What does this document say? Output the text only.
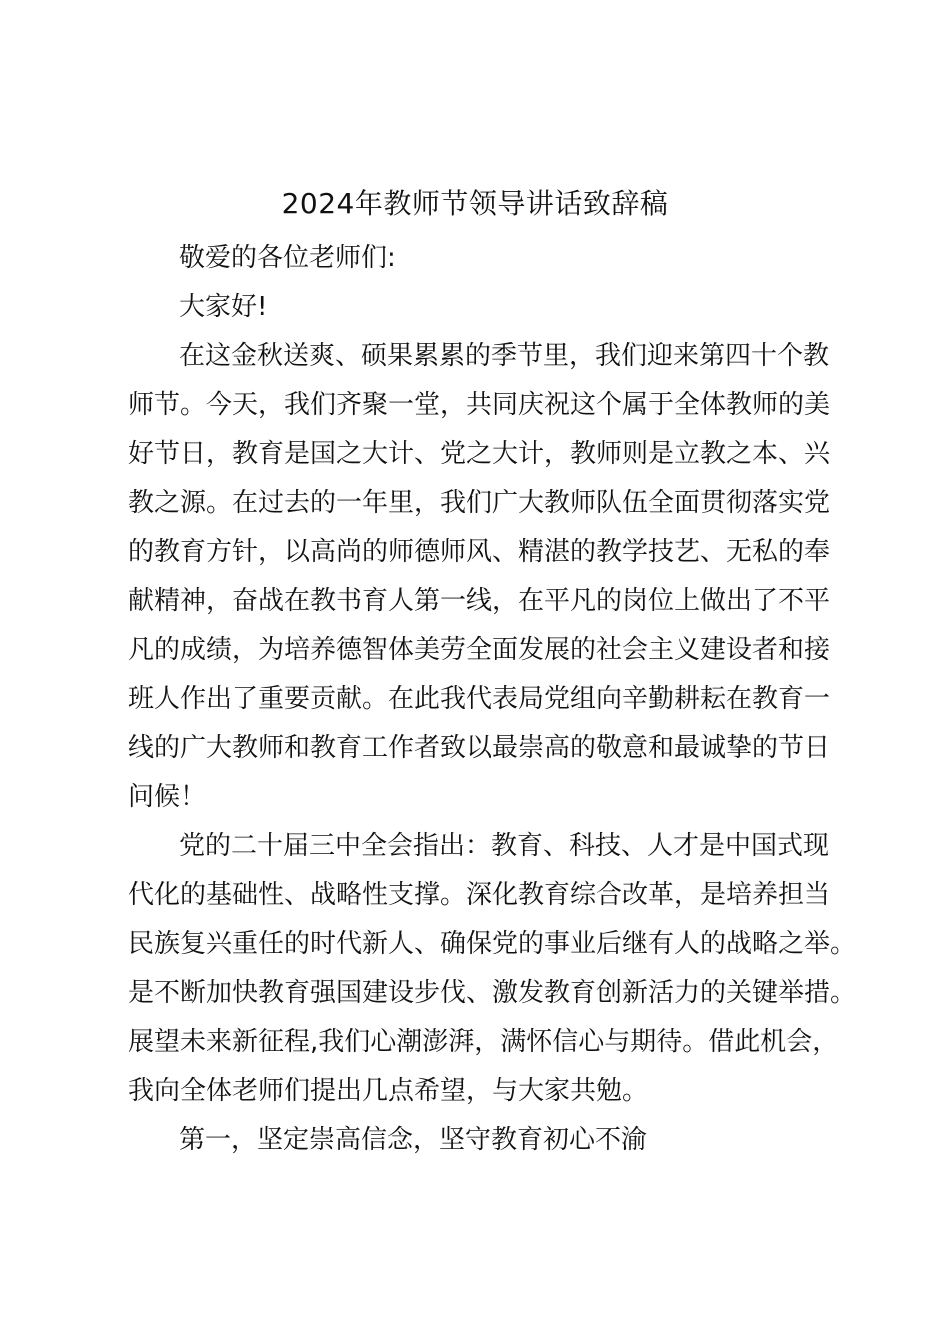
2024年教师节领导讲话致辞稿
敬爱的各位老师们:
大家好!
在这金秋送爽、硕果累累的季节里，我们迎来第四十个教
师节。今天，我们齐聚一堂，共同庆祝这个属于全体教师的美
好节日，教育是国之大计、党之大计，教师则是立教之本、兴
教之源。在过去的一年里，我们广大教师队伍全面贯彻落实党
的教育方针，以高尚的师德师风、精湛的教学技艺、无私的奉
献精神，奋战在教书育人第一线，在平凡的岗位上做出了不平
凡的成绩，为培养德智体美劳全面发展的社会主义建设者和接
班人作出了重要贡献。在此我代表局党组向辛勤耕耘在教育一
线的广大教师和教育工作者致以最崇高的敬意和最诚挚的节日
问候！
党的二十届三中全会指出：教育、科技、人才是中国式现
代化的基础性、战略性支撑。深化教育综合改革，是培养担当
民族复兴重任的时代新人、确保党的事业后继有人的战略之举。
是不断加快教育强国建设步伐、激发教育创新活力的关键举措。
展望未来新征程,我们心潮澎湃，满怀信心与期待。借此机会，
我向全体老师们提出几点希望，与大家共勉。
第一，坚定崇高信念，坚守教育初心不渝
